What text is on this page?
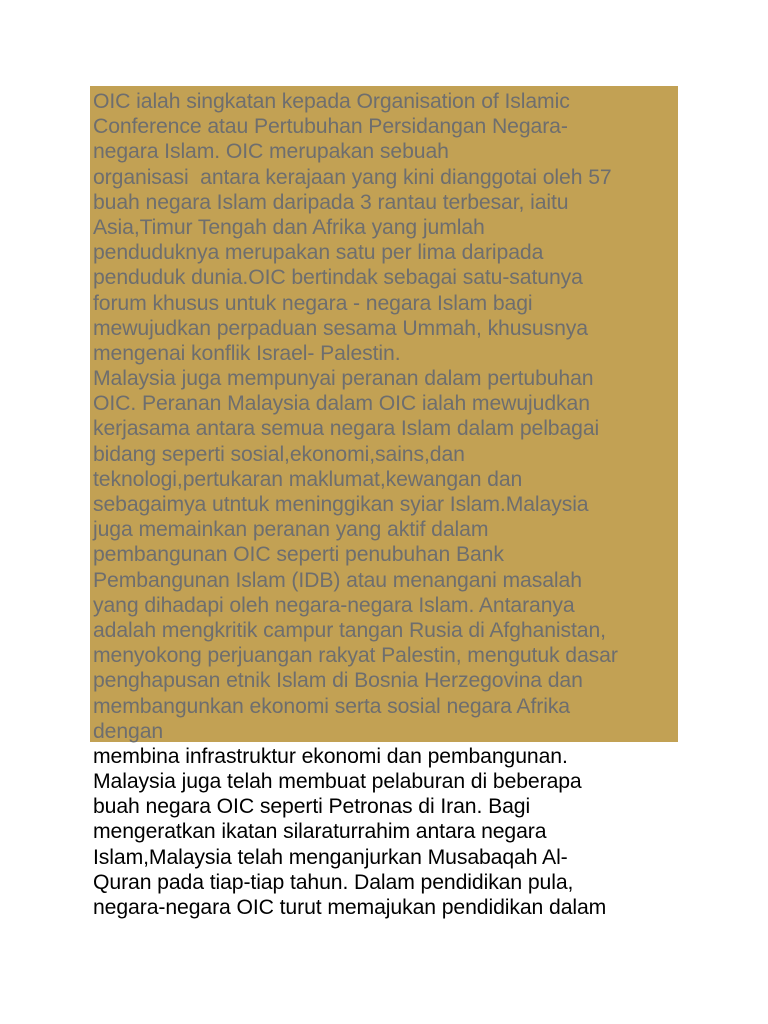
OIC ialah singkatan kepada Organisation of Islamic
Conference atau Pertubuhan Persidangan Negara-
negara Islam. OIC merupakan sebuah
organisasi  antara kerajaan yang kini dianggotai oleh 57
buah negara Islam daripada 3 rantau terbesar, iaitu
Asia,Timur Tengah dan Afrika yang jumlah
penduduknya merupakan satu per lima daripada
penduduk dunia.OIC bertindak sebagai satu-satunya
forum khusus untuk negara - negara Islam bagi
mewujudkan perpaduan sesama Ummah, khususnya
mengenai konflik Israel- Palestin.
Malaysia juga mempunyai peranan dalam pertubuhan
OIC. Peranan Malaysia dalam OIC ialah mewujudkan
kerjasama antara semua negara Islam dalam pelbagai
bidang seperti sosial,ekonomi,sains,dan
teknologi,pertukaran maklumat,kewangan dan
sebagaimya utntuk meninggikan syiar Islam.Malaysia
juga memainkan peranan yang aktif dalam
pembangunan OIC seperti penubuhan Bank
Pembangunan Islam (IDB) atau menangani masalah
yang dihadapi oleh negara-negara Islam. Antaranya
adalah mengkritik campur tangan Rusia di Afghanistan,
menyokong perjuangan rakyat Palestin, mengutuk dasar
penghapusan etnik Islam di Bosnia Herzegovina dan
membangunkan ekonomi serta sosial negara Afrika
dengan
membina infrastruktur ekonomi dan pembangunan.
Malaysia juga telah membuat pelaburan di beberapa
buah negara OIC seperti Petronas di Iran. Bagi
mengeratkan ikatan silaraturrahim antara negara
Islam,Malaysia telah menganjurkan Musabaqah Al-
Quran pada tiap-tiap tahun. Dalam pendidikan pula,
negara-negara OIC turut memajukan pendidikan dalam
